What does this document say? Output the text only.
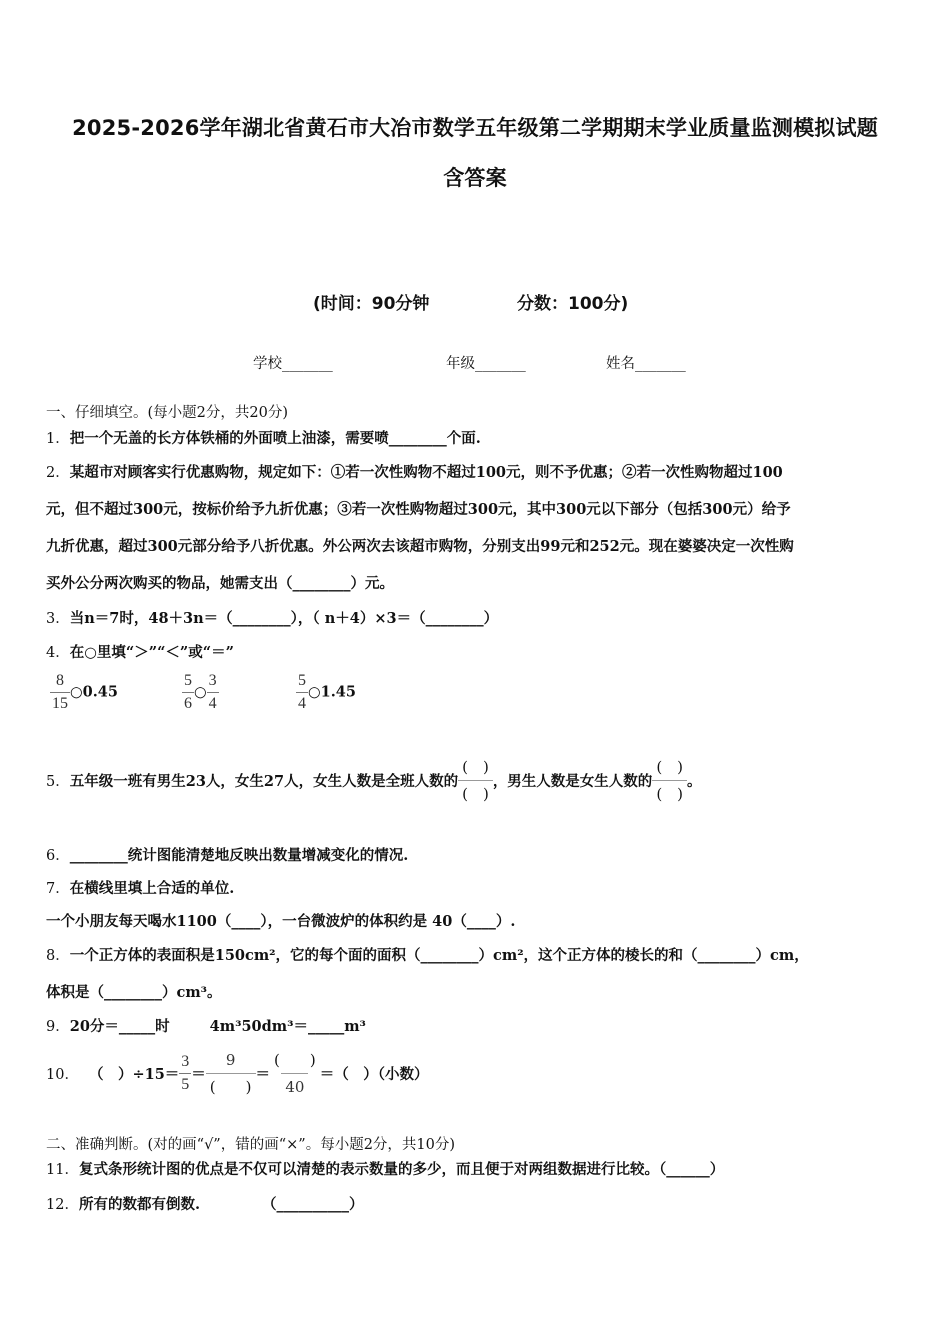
2025-2026学年湖北省黄石市大冶市数学五年级第二学期期末学业质量监测模拟试题
含答案
(时间：90分钟	分数：100分)
学校_______	年级_______	姓名_______
一、仔细填空。(每小题2分，共20分)
1．把一个无盖的长方体铁桶的外面喷上油漆，需要喷________个面.
2．某超市对顾客实行优惠购物，规定如下：①若一次性购物不超过100元，则不予优惠；②若一次性购物超过100
元，但不超过300元，按标价给予九折优惠；③若一次性购物超过300元，其中300元以下部分（包括300元）给予
九折优惠，超过300元部分给予八折优惠。外公两次去该超市购物，分别支出99元和252元。现在婆婆决定一次性购
买外公分两次购买的物品，她需支出（________）元。
3．当n＝7时，48＋3n＝（________），（ n＋4）×3＝（________）
4．在○里填“＞”“＜”或“＝”
$\frac{8}{15}$ ○0.45	$\frac{5}{6}$ ○ $\frac{3}{4}$	$\frac{5}{4}$ ○1.45
5．五年级一班有男生23人，女生27人，女生人数是全班人数的 $\frac{( )}{( )}$ ，男生人数是女生人数的 $\frac{( )}{( )}$ 。
6．________统计图能清楚地反映出数量增减变化的情况.
7．在横线里填上合适的单位.
一个小朋友每天喝水1100（____），一台微波炉的体积约是 40（____）.
8．一个正方体的表面积是150cm²，它的每个面的面积（________）cm²，这个正方体的棱长的和（________）cm，
体积是（________）cm³。
9．20分＝_____时	4m³50dm³＝_____m³
10． （　）$\div 15= \frac{3}{5} = \frac{9}{( )} = \frac{( )}{40}$ ＝（　）（小数）
二、准确判断。(对的画“√”，错的画“×”。每小题2分，共10分)
11．复式条形统计图的优点是不仅可以清楚的表示数量的多少，而且便于对两组数据进行比较。（______）
12．所有的数都有倒数.	（__________）
